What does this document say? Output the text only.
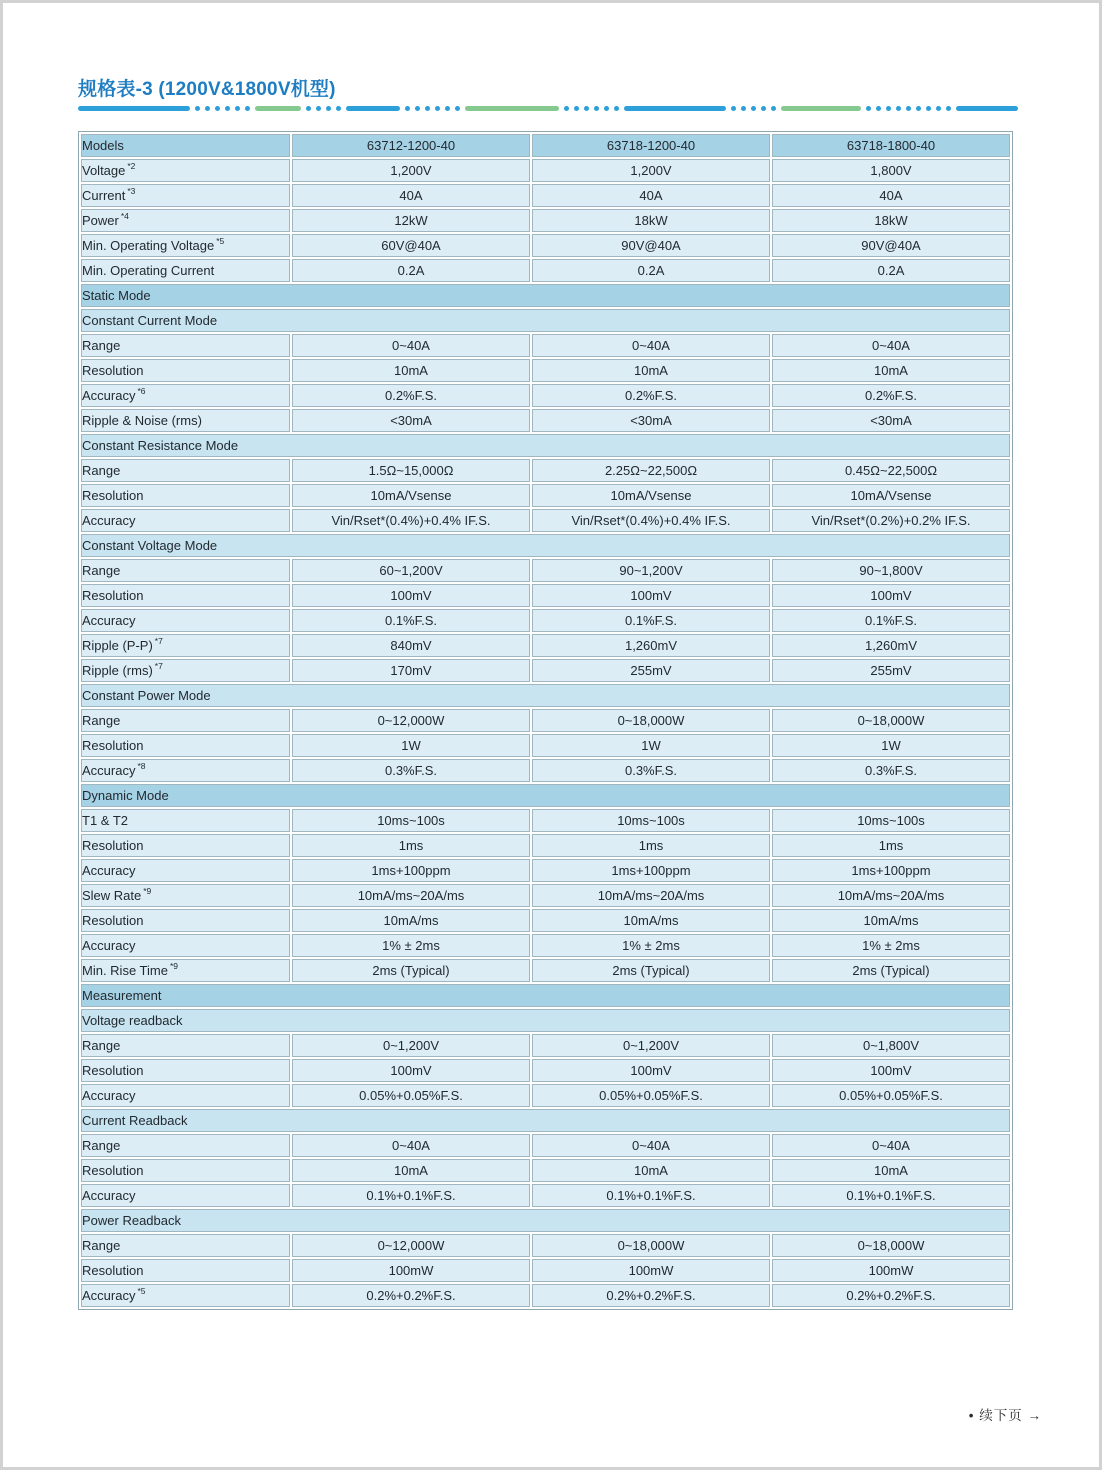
规格表-3 (1200V&1800V机型)
Models	63712-1200-40	63718-1200-40	63718-1800-40
Voltage $^{*2}$	1,200V	1,200V	1,800V
Current $^{*3}$	40A	40A	40A
Power $^{*4}$	12kW	18kW	18kW
Min. Operating Voltage $^{*5}$	60V@40A	90V@40A	90V@40A
Min. Operating Current	0.2A	0.2A	0.2A
Static Mode			
Constant Current Mode			
Range	0~40A	0~40A	0~40A
Resolution	10mA	10mA	10mA
Accuracy $^{*6}$	0.2%F.S.	0.2%F.S.	0.2%F.S.
Ripple & Noise (rms)	<30mA	<30mA	<30mA
Constant Resistance Mode			
Range	1.5Ω~15,000Ω	2.25Ω~22,500Ω	0.45Ω~22,500Ω
Resolution	10mA/Vsense	10mA/Vsense	10mA/Vsense
Accuracy	Vin/Rset*(0.4%)+0.4% IF.S.	Vin/Rset*(0.4%)+0.4% IF.S.	Vin/Rset*(0.2%)+0.2% IF.S.
Constant Voltage Mode			
Range	60~1,200V	90~1,200V	90~1,800V
Resolution	100mV	100mV	100mV
Accuracy	0.1%F.S.	0.1%F.S.	0.1%F.S.
Ripple (P-P) $^{*7}$	840mV	1,260mV	1,260mV
Ripple (rms) $^{*7}$	170mV	255mV	255mV
Constant Power Mode			
Range	0~12,000W	0~18,000W	0~18,000W
Resolution	1W	1W	1W
Accuracy $^{*8}$	0.3%F.S.	0.3%F.S.	0.3%F.S.
Dynamic Mode			
T1 & T2	10ms~100s	10ms~100s	10ms~100s
Resolution	1ms	1ms	1ms
Accuracy	1ms+100ppm	1ms+100ppm	1ms+100ppm
Slew Rate $^{*9}$	10mA/ms~20A/ms	10mA/ms~20A/ms	10mA/ms~20A/ms
Resolution	10mA/ms	10mA/ms	10mA/ms
Accuracy	1% ± 2ms	1% ± 2ms	1% ± 2ms
Min. Rise Time $^{*9}$	2ms (Typical)	2ms (Typical)	2ms (Typical)
Measurement			
Voltage readback			
Range	0~1,200V	0~1,200V	0~1,800V
Resolution	100mV	100mV	100mV
Accuracy	0.05%+0.05%F.S.	0.05%+0.05%F.S.	0.05%+0.05%F.S.
Current Readback			
Range	0~40A	0~40A	0~40A
Resolution	10mA	10mA	10mA
Accuracy	0.1%+0.1%F.S.	0.1%+0.1%F.S.	0.1%+0.1%F.S.
Power Readback			
Range	0~12,000W	0~18,000W	0~18,000W
Resolution	100mW	100mW	100mW
Accuracy $^{*5}$	0.2%+0.2%F.S.	0.2%+0.2%F.S.	0.2%+0.2%F.S.
• 续下页 →
